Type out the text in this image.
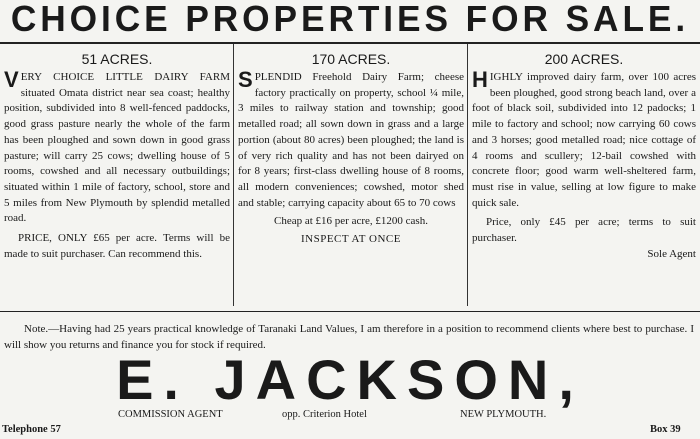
CHOICE PROPERTIES FOR SALE.
51 ACRES.

VERY CHOICE LITTLE DAIRY FARM situated Omata district near sea coast; healthy position, subdivided into 8 well-fenced paddocks, good grass pasture nearly the whole of the farm has been ploughed and sown down in good grass pasture; will carry 25 cows; dwelling house of 5 rooms, cowshed and all necessary outbuildings; situated within 1 mile of factory, school, store and 5 miles from New Plymouth by splendid metalled road.

PRICE, ONLY £65 per acre. Terms will be made to suit purchaser. Can recommend this.

170 ACRES.

SPLENDID Freehold Dairy Farm; cheese factory practically on property, school ¼ mile, 3 miles to railway station and township; good metalled road; all sown down in grass and a large portion (about 80 acres) been ploughed; the land is of very rich quality and has not been dairyed on for 8 years; first-class dwelling house of 8 rooms, all modern conveniences; cowshed, motor shed and stable; carrying capacity about 65 to 70 cows

Cheap at £16 per acre, £1200 cash.

INSPECT AT ONCE

200 ACRES.

HIGHLY improved dairy farm, over 100 acres been ploughed, good strong beach land, over a foot of black soil, subdivided into 12 padocks; 1 mile to factory and school; now carrying 60 cows and 3 horses; good metalled road; nice cottage of 4 rooms and scullery; 12-bail cowshed with concrete floor; good warm well-sheltered farm, must rise in value, selling at low figure to make quick sale.

Price, only £45 per acre; terms to suit purchaser.

Sole Agent

Note.—Having had 25 years practical knowledge of Taranaki Land Values, I am therefore in a position to recommend clients where best to purchase. I will show you returns and finance you for stock if required.
E. JACKSON,
COMMISSION AGENT	opp. Criterion Hotel	NEW PLYMOUTH.
Telephone 57	Box 39
